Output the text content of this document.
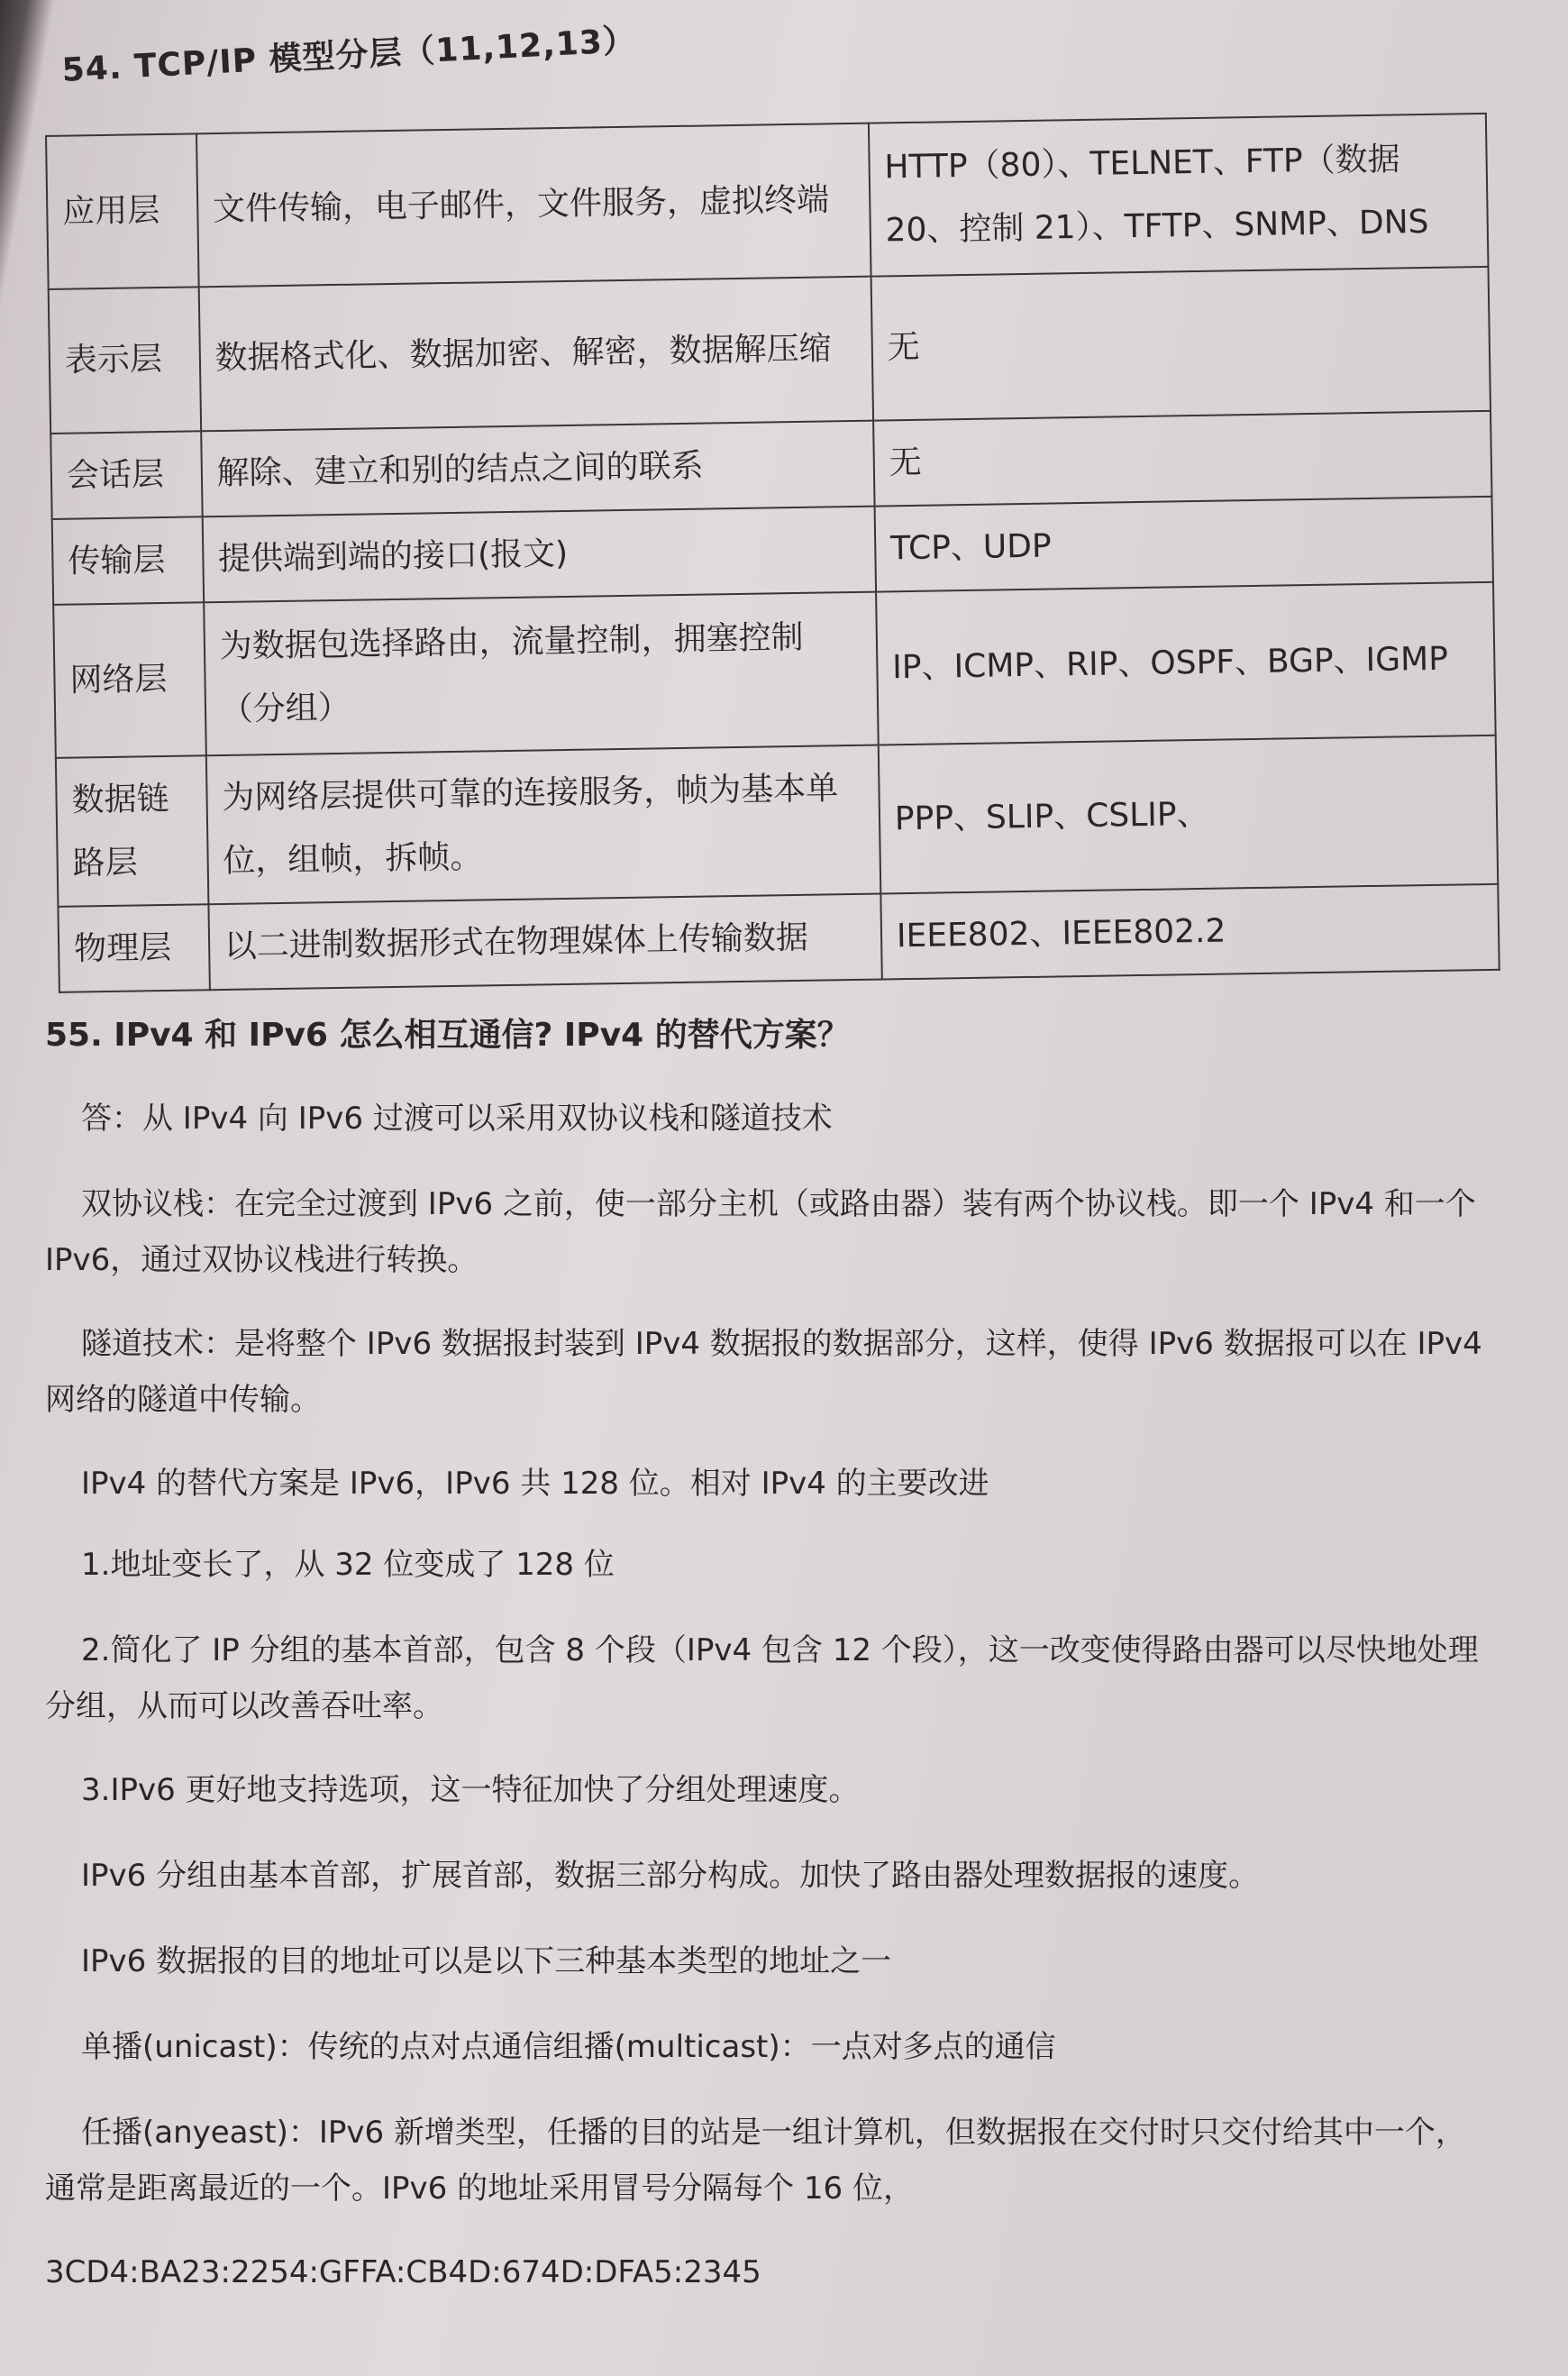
54. TCP/IP 模型分层（11,12,13）
应用层	文件传输，电子邮件，文件服务，虚拟终端	HTTP（80）、TELNET、FTP（数据 20、控制 21）、TFTP、SNMP、DNS
表示层	数据格式化、数据加密、解密，数据解压缩	无
会话层	解除、建立和别的结点之间的联系	无
传输层	提供端到端的接口(报文)	TCP、UDP
网络层	为数据包选择路由，流量控制，拥塞控制（分组）	IP、ICMP、RIP、OSPF、BGP、IGMP
数据链路层	为网络层提供可靠的连接服务，帧为基本单位，组帧，拆帧。	PPP、SLIP、CSLIP、
物理层	以二进制数据形式在物理媒体上传输数据	IEEE802、IEEE802.2
55. IPv4 和 IPv6 怎么相互通信? IPv4 的替代方案？
答：从 IPv4 向 IPv6 过渡可以采用双协议栈和隧道技术
双协议栈：在完全过渡到 IPv6 之前，使一部分主机（或路由器）装有两个协议栈。即一个 IPv4 和一个 IPv6，通过双协议栈进行转换。
隧道技术：是将整个 IPv6 数据报封装到 IPv4 数据报的数据部分，这样，使得 IPv6 数据报可以在 IPv4 网络的隧道中传输。
IPv4 的替代方案是 IPv6，IPv6 共 128 位。相对 IPv4 的主要改进
1.地址变长了，从 32 位变成了 128 位
2.简化了 IP 分组的基本首部，包含 8 个段（IPv4 包含 12 个段），这一改变使得路由器可以尽快地处理分组，从而可以改善吞吐率。
3.IPv6 更好地支持选项，这一特征加快了分组处理速度。
IPv6 分组由基本首部，扩展首部，数据三部分构成。加快了路由器处理数据报的速度。
IPv6 数据报的目的地址可以是以下三种基本类型的地址之一
单播(unicast)：传统的点对点通信组播(multicast)：一点对多点的通信
任播(anyeast)：IPv6 新增类型，任播的目的站是一组计算机，但数据报在交付时只交付给其中一个，通常是距离最近的一个。IPv6 的地址采用冒号分隔每个 16 位，
3CD4:BA23:2254:GFFA:CB4D:674D:DFA5:2345
